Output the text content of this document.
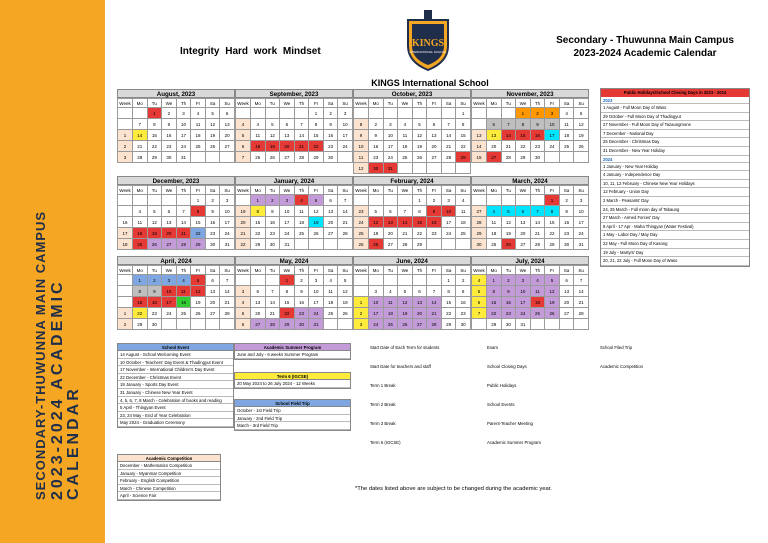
SECONDARY-THUWUNNA MAIN CAMPUS 2023-2024 ACADEMIC CALENDAR
Integrity Hard work Mindset
KINGS
INTERNATIONAL SCHOOL
KINGS International School
Secondary - Thuwunna Main Campus
2023-2024 Academic Calendar
August, 2023
Week	Mo	Tu	We	Th	Fr	Sa	Su
		1	2	3	4	5	6
	7	8	9	10	11	12	13
1	14	15	16	17	18	19	20
2	21	22	23	24	25	26	27
3	28	29	30	31			
September, 2023
Week	Mo	Tu	We	Th	Fr	Sa	Su
					1	2	3
4	4	5	6	7	8	9	10
5	11	12	13	14	15	16	17
6	18	19	20	21	22	23	24
7	25	26	27	28	29	30	
October, 2023
Week	Mo	Tu	We	Th	Fr	Sa	Su
							1
8	2	3	4	5	6	7	8
9	9	10	11	12	13	14	15
10	16	17	18	19	20	21	22
11	23	24	25	26	27	28	29
12	30	31					
November, 2023
Week	Mo	Tu	We	Th	Fr	Sa	Su
			1	2	3	4	5
	6	7	8	9	10	11	12
13	13	14	15	16	17	18	19
14	20	21	22	23	24	25	26
15	27	28	29	30			
December, 2023
Week	Mo	Tu	We	Th	Fr	Sa	Su
					1	2	3
	4	5	6	7	8	9	10
16	11	12	13	14	15	16	17
17	18	19	20	21	22	23	24
18	25	26	27	28	29	30	31
January, 2024
Week	Mo	Tu	We	Th	Fr	Sa	Su
	1	2	3	4	5	6	7
19	8	9	10	11	12	13	14
20	15	16	17	18	19	20	21
21	22	23	24	25	26	27	28
22	29	30	31				
February, 2024
Week	Mo	Tu	We	Th	Fr	Sa	Su
				1	2	3	4
23	5	6	7	8	9	10	11
24	12	13	14	15	16	17	18
25	19	20	21	22	23	24	25
26	26	27	28	29			
March, 2024
Week	Mo	Tu	We	Th	Fr	Sa	Su
					1	2	3
27	4	5	6	7	8	9	10
28	11	12	13	14	15	16	17
29	18	19	20	21	22	23	24
30	25	26	27	28	29	30	31
April, 2024
Week	Mo	Tu	We	Th	Fr	Sa	Su
	1	2	3	4	5	6	7
	8	9	10	11	12	13	14
	15	16	17	18	19	20	21
1	22	23	24	25	26	27	28
2	29	30					
May, 2024
Week	Mo	Tu	We	Th	Fr	Sa	Su
			1	2	3	4	5
3	6	7	8	9	10	11	12
4	13	14	15	16	17	18	19
5	20	21	22	23	24	25	26
6	27	28	29	30	31		
June, 2024
Week	Mo	Tu	We	Th	Fr	Sa	Su
						1	2
	3	4	5	6	7	8	9
1	10	11	12	13	14	15	16
2	17	18	19	20	21	22	23
3	24	25	26	27	28	29	30
July, 2024
Week	Mo	Tu	We	Th	Fr	Sa	Su
4	1	2	3	4	5	6	7
5	8	9	10	11	12	13	14
6	15	16	17	18	19	20	21
7	22	23	24	25	26	27	28
	29	30	31				
School Event
14 August - School Welcoming Event
10 October - Teachers' Day Event & Thadingyut Event
17 November - International Children's Day Event
22 December - Christmas Event
19 January - Sports Day Event
31 January - Chinese New Year Event
4, 5, 6, 7, 8 March - Celebration of books and reading
5 April - Thingyan Event
23, 24 May - End of Year Celebration
May 2024 - Graduation Ceremony
Academic Summer Program
June and July - 6 weeks Summer Program
Term 6 (IGCSE)
20 May 2024 to 26 July 2024 - 12 Weeks
School Field Trip
October - 1st Field Trip
January - 2nd Field Trip
March - 3rd Field Trip
Academic Competition
December - Mathematics Competition
January - Myanmar Competition
February - English Competition
March - Chinese Competition
April - Science Fair
*The dates listed above are subject to be changed during the academic year.
Public Holidays/School Closing Days in 2023 - 2024
2023
1 August - Full Moon Day of Waso
29 October - Full Moon Day of Thadingyut
27 November - Full Moon Day of Tazaungmone
7 December - National Day
25 December - Christmas Day
31 December - New Year Holiday
2024
1 January - New Year Holiday
4 January - Independence Day
10, 11, 12 February - Chinese New Year Holidays
12 February - Union Day
2 March - Peasants' Day
24, 25 March - Full moon day of Tabaung
27 March - Armed Forces' Day
9 April - 17 Apr - Maha Thingyan (Water Festival)
1 May - Labor Day / May Day
22 May - Full Moon Day of Kasong
19 July - Martyrs' Day
20, 21, 22 July - Full Moon Day of Waso
Start Date of Each Term for students
Start Date for teachers and staff
Term 1 Break
Term 2 Break
Term 3 Break
Term 6 (IGCSE)
Exam
School Closing Days
Public Holidays
School Events
Parent-Teacher Meeting
Academic Summer Program
School Filed Trip
Academic Competition
